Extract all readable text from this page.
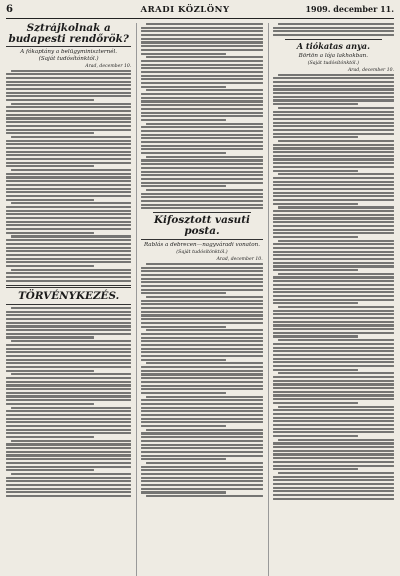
6	ARADI KÖZLÖNY	1909. december 11.
Sztrájkolnak a budapesti rendőrök?
A fókaptány a belügyminiszternél.
(Saját tudósítónktól.)
Arad, december 10.
TÖRVÉNYKEZÉS.
Kifosztott vasuti posta.
Rablás a debrecen—nagyváradi vonaton.
(Saját tudósítónktól.)
Arad, december 10.
A tiókatas anya.
Börtön a lója lakhokban.
(Saját tudósítónktól.)
Arad, december 10.
